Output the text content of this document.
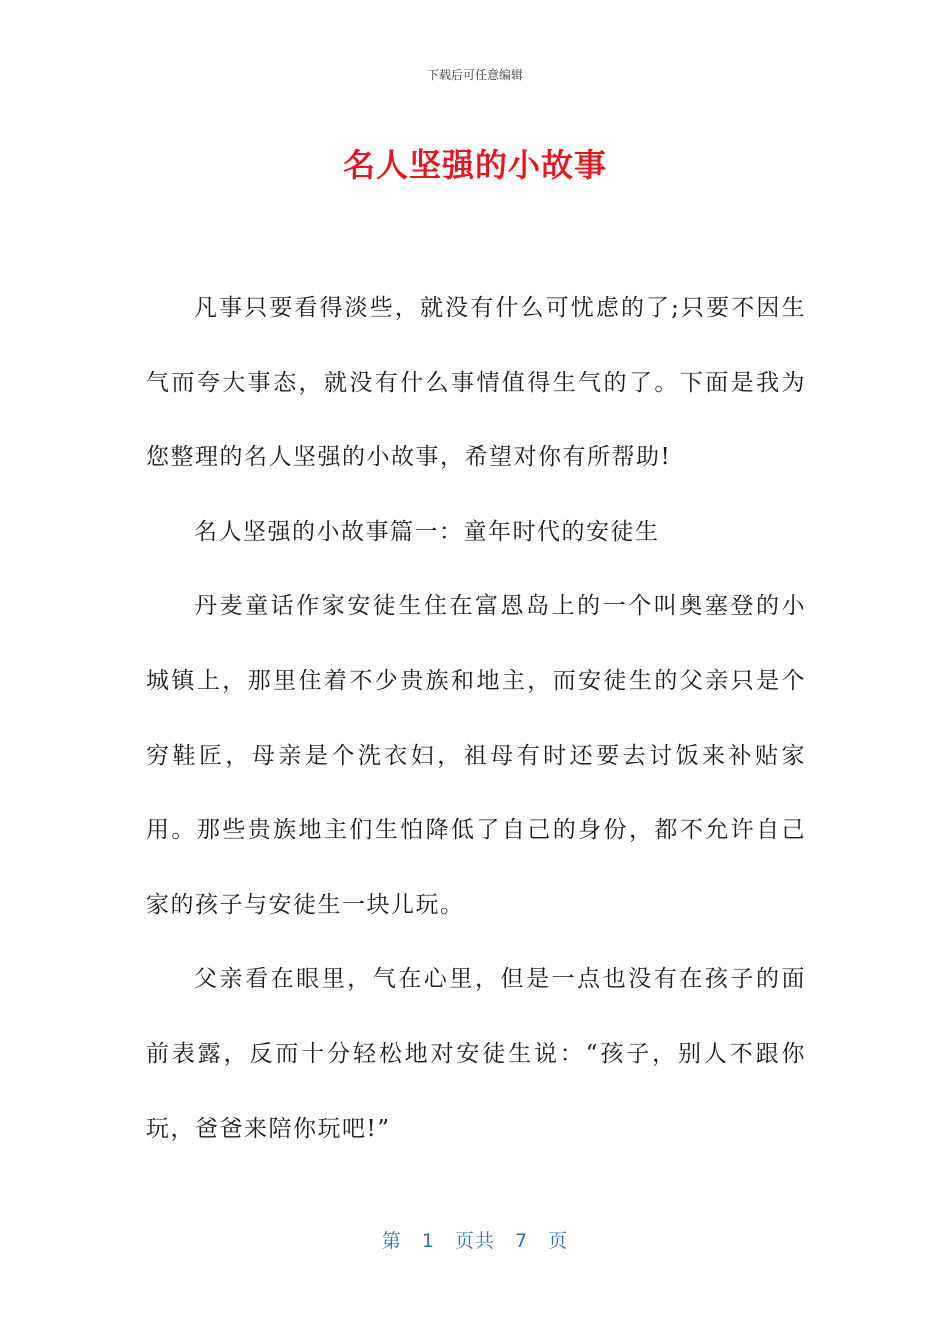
下载后可任意编辑
名人坚强的小故事

凡事只要看得淡些，就没有什么可忧虑的了;只要不因生气而夸大事态，就没有什么事情值得生气的了。下面是我为您整理的名人坚强的小故事，希望对你有所帮助!

名人坚强的小故事篇一：童年时代的安徒生

丹麦童话作家安徒生住在富恩岛上的一个叫奥塞登的小城镇上，那里住着不少贵族和地主，而安徒生的父亲只是个穷鞋匠，母亲是个洗衣妇，祖母有时还要去讨饭来补贴家用。那些贵族地主们生怕降低了自己的身份，都不允许自己家的孩子与安徒生一块儿玩。

父亲看在眼里，气在心里，但是一点也没有在孩子的面前表露，反而十分轻松地对安徒生说：“孩子，别人不跟你玩，爸爸来陪你玩吧!”

第 1 页共 7 页
